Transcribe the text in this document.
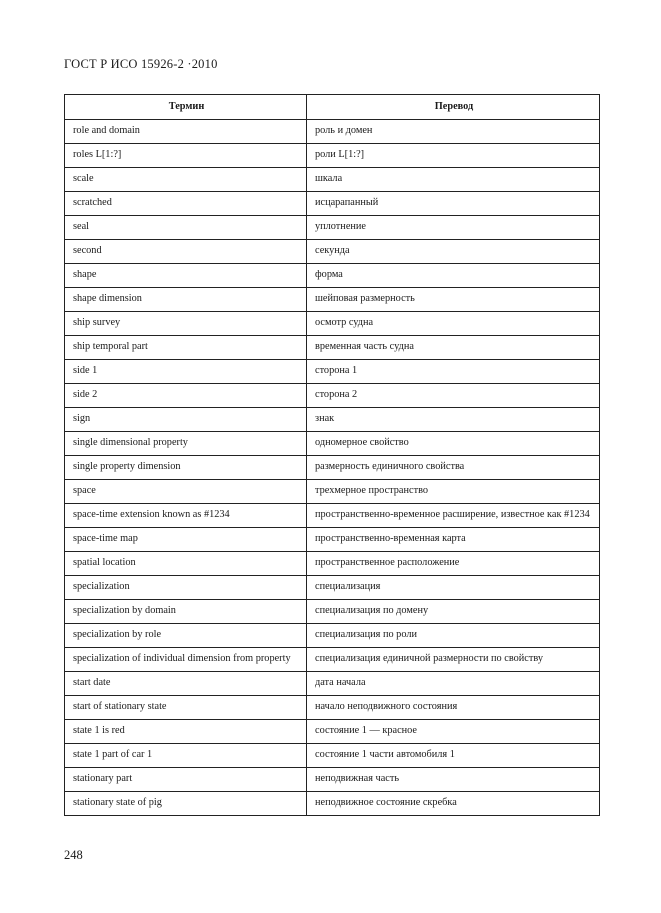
ГОСТ Р ИСО 15926-2 ·2010
Термин	Перевод
role and domain	роль и домен
roles L[1:?]	роли L[1:?]
scale	шкала
scratched	исцарапанный
seal	уплотнение
second	секунда
shape	форма
shape dimension	шейповая размерность
ship survey	осмотр судна
ship temporal part	временная часть судна
side 1	сторона 1
side 2	сторона 2
sign	знак
single dimensional property	одномерное свойство
single property dimension	размерность единичного свойства
space	трехмерное пространство
space-time extension known as #1234	пространственно-временное расширение, известное как #1234
space-time map	пространственно-временная карта
spatial location	пространственное расположение
specialization	специализация
specialization by domain	специализация по домену
specialization by role	специализация по роли
specialization of individual dimension from property	специализация единичной размерности по свойству
start date	дата начала
start of stationary state	начало неподвижного состояния
state 1 is red	состояние 1 — красное
state 1 part of car 1	состояние 1 части автомобиля 1
stationary part	неподвижная часть
stationary state of pig	неподвижное состояние скребка
248
